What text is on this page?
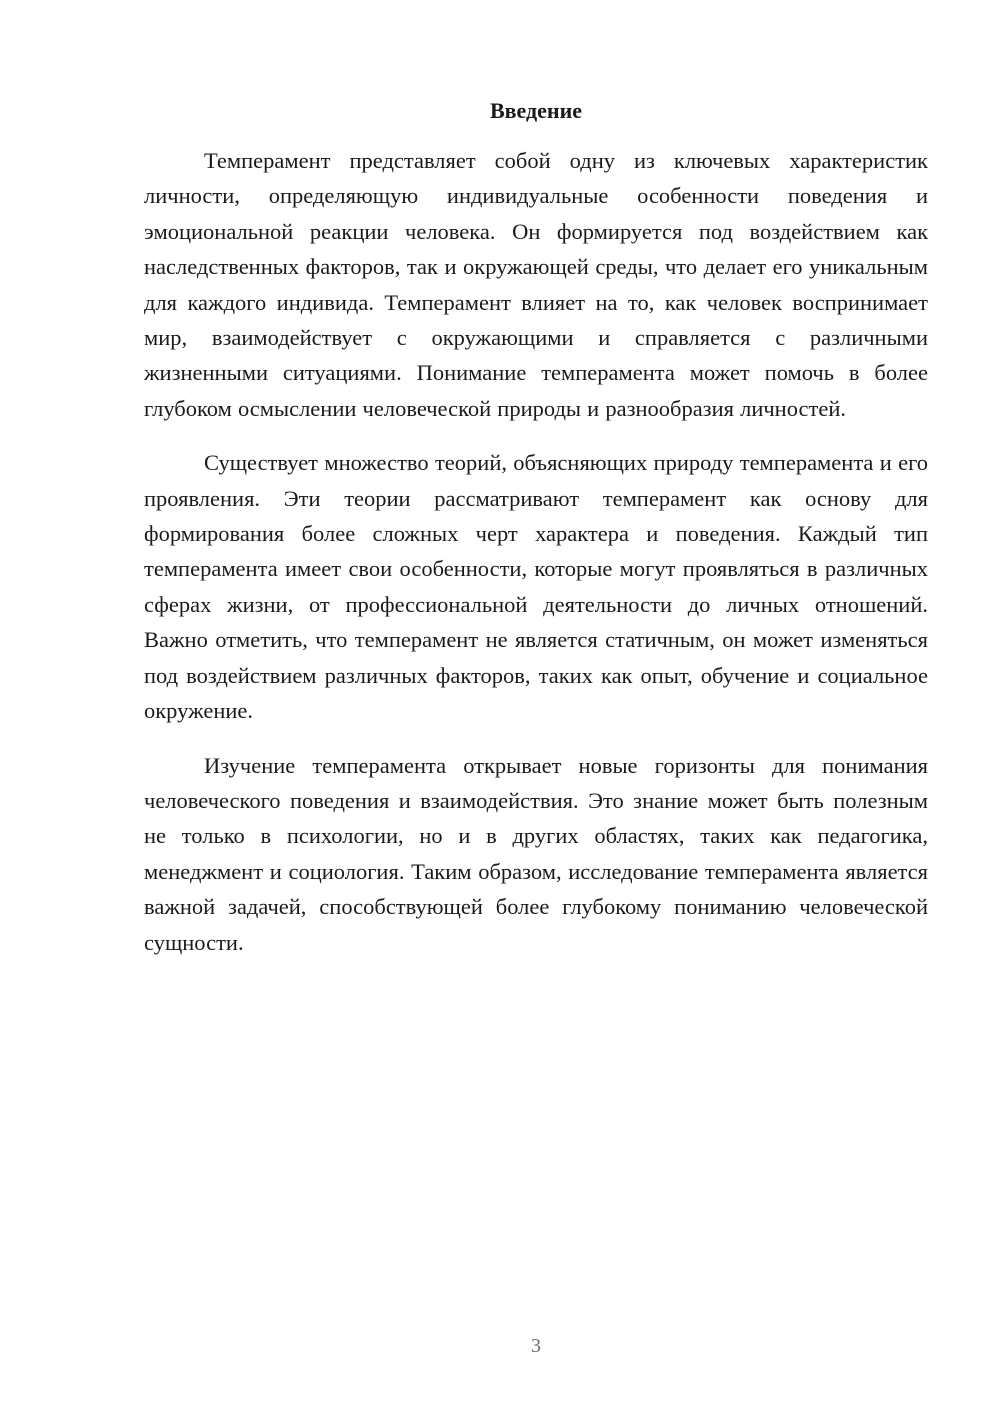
Введение

Темперамент представляет собой одну из ключевых характеристик личности, определяющую индивидуальные особенности поведения и эмоциональной реакции человека. Он формируется под воздействием как наследственных факторов, так и окружающей среды, что делает его уникальным для каждого индивида. Темперамент влияет на то, как человек воспринимает мир, взаимодействует с окружающими и справляется с различными жизненными ситуациями. Понимание темперамента может помочь в более глубоком осмыслении человеческой природы и разнообразия личностей.

Существует множество теорий, объясняющих природу темперамента и его проявления. Эти теории рассматривают темперамент как основу для формирования более сложных черт характера и поведения. Каждый тип темперамента имеет свои особенности, которые могут проявляться в различных сферах жизни, от профессиональной деятельности до личных отношений. Важно отметить, что темперамент не является статичным, он может изменяться под воздействием различных факторов, таких как опыт, обучение и социальное окружение.

Изучение темперамента открывает новые горизонты для понимания человеческого поведения и взаимодействия. Это знание может быть полезным не только в психологии, но и в других областях, таких как педагогика, менеджмент и социология. Таким образом, исследование темперамента является важной задачей, способствующей более глубокому пониманию человеческой сущности.

3
